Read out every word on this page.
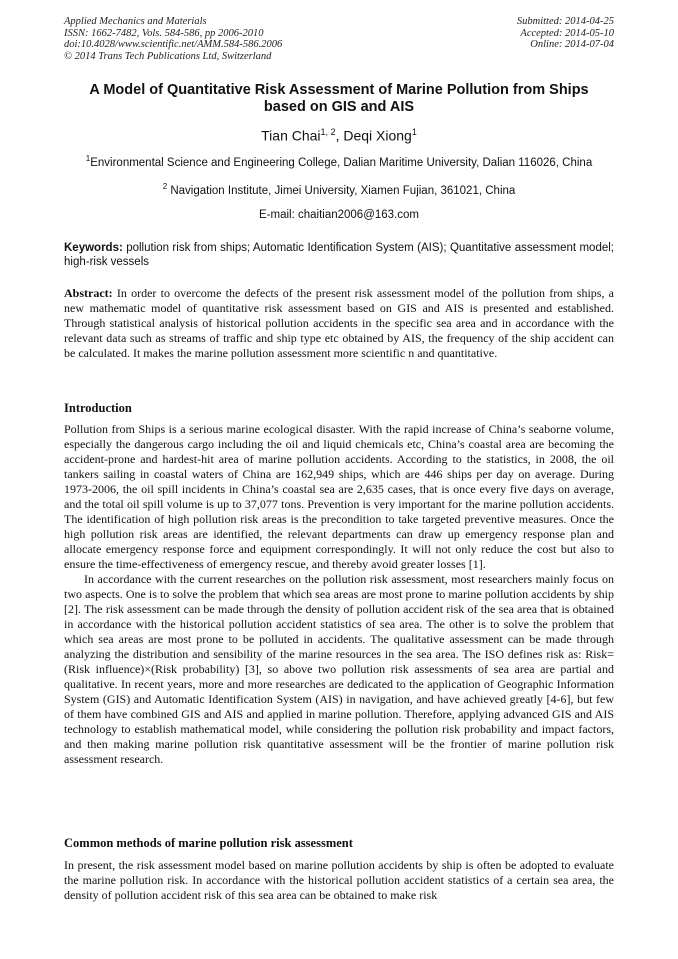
Applied Mechanics and Materials
ISSN: 1662-7482, Vols. 584-586, pp 2006-2010
doi:10.4028/www.scientific.net/AMM.584-586.2006
© 2014 Trans Tech Publications Ltd, Switzerland
Submitted: 2014-04-25
Accepted: 2014-05-10
Online: 2014-07-04
A Model of Quantitative Risk Assessment of Marine Pollution from Ships
based on GIS and AIS
Tian Chai$^{1, 2}$, Deqi Xiong$^1$
$^1$Environmental Science and Engineering College, Dalian Maritime University, Dalian 116026, China
$^2$ Navigation Institute, Jimei University, Xiamen Fujian, 361021, China
E-mail: chaitian2006@163.com
Keywords: pollution risk from ships; Automatic Identification System (AIS); Quantitative assessment model; high-risk vessels
Abstract: In order to overcome the defects of the present risk assessment model of the pollution from ships, a new mathematic model of quantitative risk assessment based on GIS and AIS is presented and established. Through statistical analysis of historical pollution accidents in the specific sea area and in accordance with the relevant data such as streams of traffic and ship type etc obtained by AIS, the frequency of the ship accident can be calculated. It makes the marine pollution assessment more scientific n and quantitative.
Introduction

Pollution from Ships is a serious marine ecological disaster. With the rapid increase of China’s seaborne volume, especially the dangerous cargo including the oil and liquid chemicals etc, China’s coastal area are becoming the accident-prone and hardest-hit area of marine pollution accidents. According to the statistics, in 2008, the oil tankers sailing in coastal waters of China are 162,949 ships, which are 446 ships per day on average. During 1973-2006, the oil spill incidents in China’s coastal sea are 2,635 cases, that is once every five days on average, and the total oil spill volume is up to 37,077 tons. Prevention is very important for the marine pollution accidents. The identification of high pollution risk areas is the precondition to take targeted preventive measures. Once the high pollution risk areas are identified, the relevant departments can draw up emergency response plan and allocate emergency response force and equipment correspondingly. It will not only reduce the cost but also to ensure the time-effectiveness of emergency rescue, and thereby avoid greater losses [1].

In accordance with the current researches on the pollution risk assessment, most researchers mainly focus on two aspects. One is to solve the problem that which sea areas are most prone to marine pollution accidents by ship [2]. The risk assessment can be made through the density of pollution accident risk of the sea area that is obtained in accordance with the historical pollution accident statistics of sea area. The other is to solve the problem that which sea areas are most prone to be polluted in accidents. The qualitative assessment can be made through analyzing the distribution and sensibility of the marine resources in the sea area. The ISO defines risk as: Risk=(Risk influence)×(Risk probability) [3], so above two pollution risk assessments of sea area are partial and qualitative. In recent years, more and more researches are dedicated to the application of Geographic Information System (GIS) and Automatic Identification System (AIS) in navigation, and have achieved greatly [4-6], but few of them have combined GIS and AIS and applied in marine pollution. Therefore, applying advanced GIS and AIS technology to establish mathematical model, while considering the pollution risk probability and impact factors, and then making marine pollution risk quantitative assessment will be the frontier of marine pollution risk assessment research.

Common methods of marine pollution risk assessment

In present, the risk assessment model based on marine pollution accidents by ship is often be adopted to evaluate the marine pollution risk. In accordance with the historical pollution accident statistics of a certain sea area, the density of pollution accident risk of this sea area can be obtained to make risk
